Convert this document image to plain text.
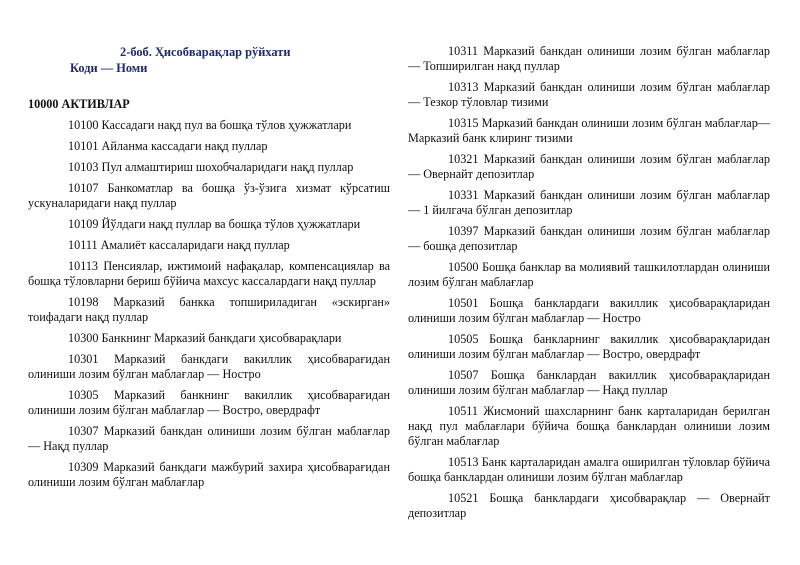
2-боб. Ҳисобварақлар рўйхати

Коди — Номи

10000 АКТИВЛАР

10100 Кассадаги нақд пул ва бошқа тўлов ҳужжатлари

10101 Айланма кассадаги нақд пуллар

10103 Пул алмаштириш шохобчаларидаги нақд пуллар

10107 Банкоматлар ва бошқа ўз-ўзига хизмат кўрсатиш ускуналаридаги нақд пуллар

10109 Йўлдаги нақд пуллар ва бошқа тўлов ҳужжатлари

10111 Амалиёт кассаларидаги нақд пуллар

10113 Пенсиялар, ижтимоий нафақалар, компенсациялар ва бошқа тўловларни бериш бўйича махсус кассалардаги нақд пуллар

10198 Марказий банкка топшириладиган «эскирган» тоифадаги нақд пуллар

10300 Банкнинг Марказий банкдаги ҳисобварақлари

10301 Марказий банкдаги вакиллик ҳисобварағидан олиниши лозим бўлган маблағлар — Ностро

10305 Марказий банкнинг вакиллик ҳисобварағидан олиниши лозим бўлган маблағлар — Востро, овердрафт

10307 Марказий банкдан олиниши лозим бўлган маблағлар — Нақд пуллар

10309 Марказий банкдаги мажбурий захира ҳисобварағидан олиниши лозим бўлган маблағлар

10311 Марказий банкдан олиниши лозим бўлган маблағлар — Топширилган нақд пуллар

10313 Марказий банкдан олиниши лозим бўлган маблағлар — Тезкор тўловлар тизими

10315 Марказий банкдан олиниши лозим бўлган маблағлар— Марказий банк клиринг тизими

10321 Марказий банкдан олиниши лозим бўлган маблағлар — Овернайт депозитлар

10331 Марказий банкдан олиниши лозим бўлган маблағлар — 1 йилгача бўлган депозитлар

10397 Марказий банкдан олиниши лозим бўлган маблағлар — бошқа депозитлар

10500 Бошқа банклар ва молиявий ташкилотлардан олиниши лозим бўлган маблағлар

10501 Бошқа банклардаги вакиллик ҳисобварақларидан олиниши лозим бўлган маблағлар — Ностро

10505 Бошқа банкларнинг вакиллик ҳисобварақларидан олиниши лозим бўлган маблағлар — Востро, овердрафт

10507 Бошқа банклардан вакиллик ҳисобварақларидан олиниши лозим бўлган маблағлар — Нақд пуллар

10511 Жисмоний шахсларнинг банк карталаридан берилган нақд пул маблағлари бўйича бошқа банклардан олиниши лозим бўлган маблағлар

10513 Банк карталаридан амалга оширилган тўловлар бўйича бошқа банклардан олиниши лозим бўлган маблағлар

10521 Бошқа банклардаги ҳисобварақлар — Овернайт депозитлар
